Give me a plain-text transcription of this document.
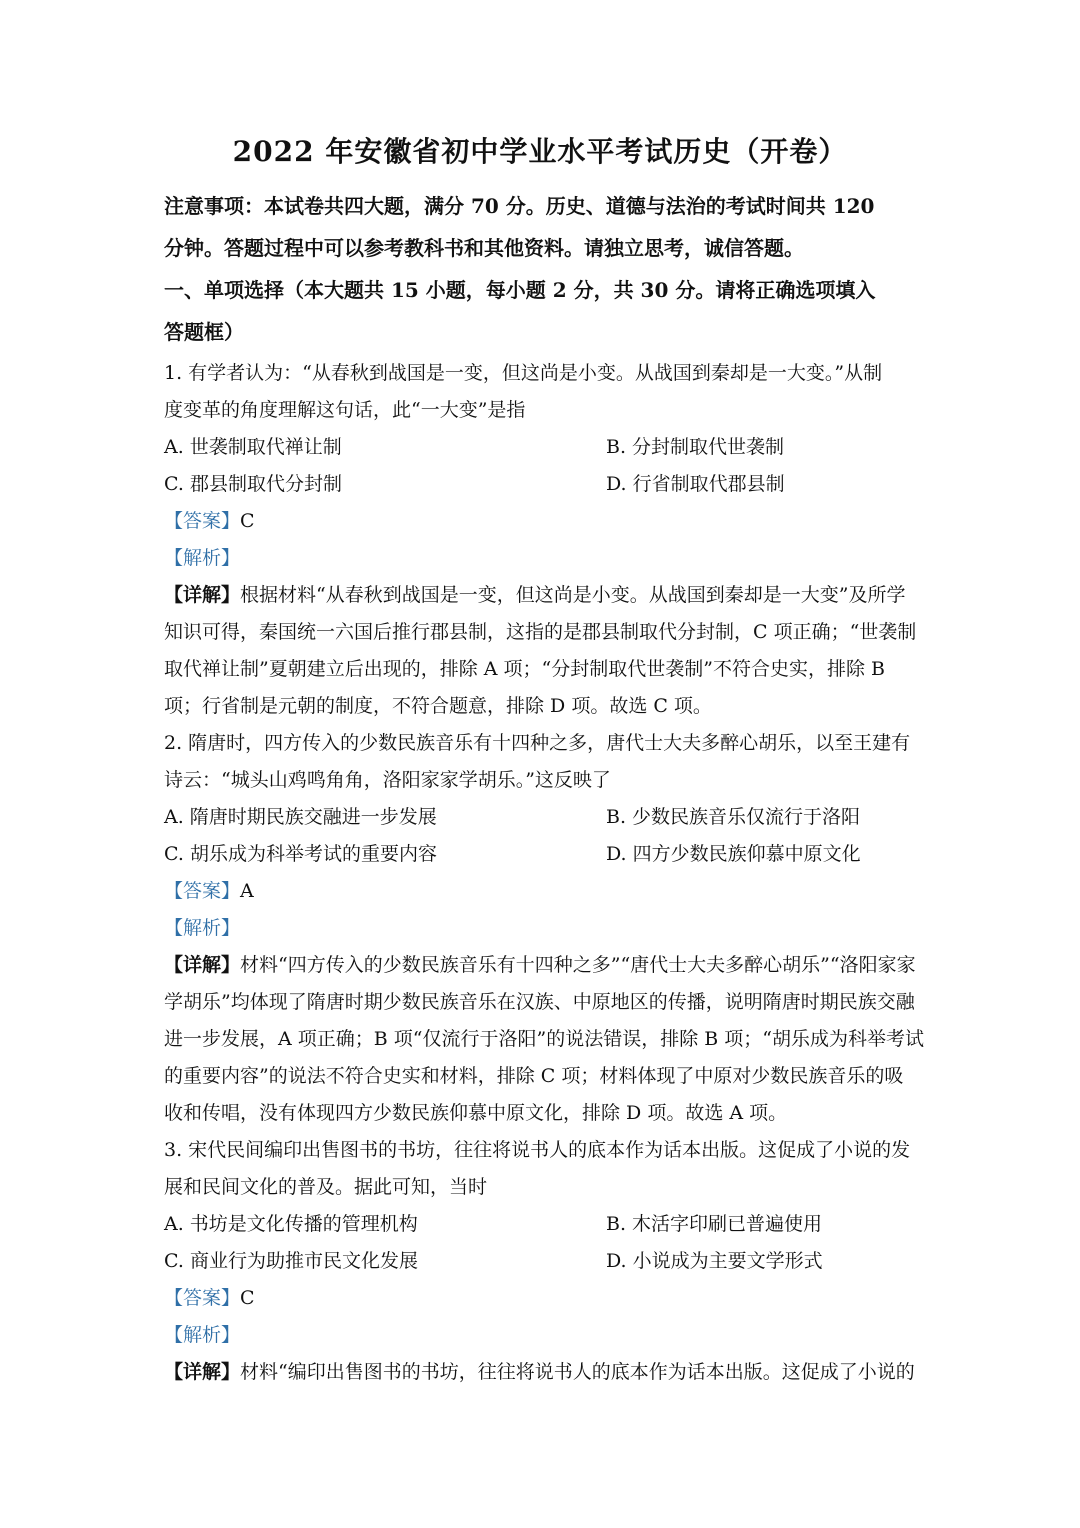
2022 年安徽省初中学业水平考试历史（开卷）
注意事项：本试卷共四大题，满分 70 分。历史、道德与法治的考试时间共 120
分钟。答题过程中可以参考教科书和其他资料。请独立思考，诚信答题。
一、单项选择（本大题共 15 小题，每小题 2 分，共 30 分。请将正确选项填入
答题框）
1. 有学者认为：“从春秋到战国是一变，但这尚是小变。从战国到秦却是一大变。”从制
度变革的角度理解这句话，此“一大变”是指
A. 世袭制取代禅让制	B. 分封制取代世袭制
C. 郡县制取代分封制	D. 行省制取代郡县制
【答案】C
【解析】
【详解】根据材料“从春秋到战国是一变，但这尚是小变。从战国到秦却是一大变”及所学
知识可得，秦国统一六国后推行郡县制，这指的是郡县制取代分封制，C 项正确；“世袭制
取代禅让制”夏朝建立后出现的，排除 A 项；“分封制取代世袭制”不符合史实，排除 B
项；行省制是元朝的制度，不符合题意，排除 D 项。故选 C 项。
2. 隋唐时，四方传入的少数民族音乐有十四种之多，唐代士大夫多醉心胡乐，以至王建有
诗云：“城头山鸡鸣角角，洛阳家家学胡乐。”这反映了
A. 隋唐时期民族交融进一步发展	B. 少数民族音乐仅流行于洛阳
C. 胡乐成为科举考试的重要内容	D. 四方少数民族仰慕中原文化
【答案】A
【解析】
【详解】材料“四方传入的少数民族音乐有十四种之多”“唐代士大夫多醉心胡乐”“洛阳家家
学胡乐”均体现了隋唐时期少数民族音乐在汉族、中原地区的传播，说明隋唐时期民族交融
进一步发展，A 项正确；B 项“仅流行于洛阳”的说法错误，排除 B 项；“胡乐成为科举考试
的重要内容”的说法不符合史实和材料，排除 C 项；材料体现了中原对少数民族音乐的吸
收和传唱，没有体现四方少数民族仰慕中原文化，排除 D 项。故选 A 项。
3. 宋代民间编印出售图书的书坊，往往将说书人的底本作为话本出版。这促成了小说的发
展和民间文化的普及。据此可知，当时
A. 书坊是文化传播的管理机构	B. 木活字印刷已普遍使用
C. 商业行为助推市民文化发展	D. 小说成为主要文学形式
【答案】C
【解析】
【详解】材料“编印出售图书的书坊，往往将说书人的底本作为话本出版。这促成了小说的
